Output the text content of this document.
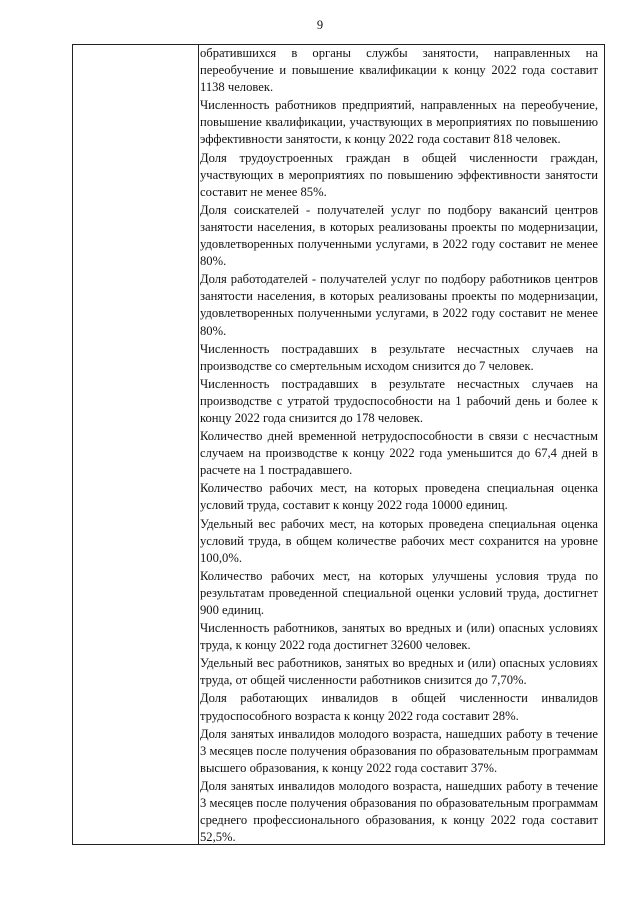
9

обратившихся в органы службы занятости, направленных на переобучение и повышение квалификации к концу 2022 года составит 1138 человек.

Численность работников предприятий, направленных на переобучение, повышение квалификации, участвующих в мероприятиях по повышению эффективности занятости, к концу 2022 года составит 818 человек.

Доля трудоустроенных граждан в общей численности граждан, участвующих в мероприятиях по повышению эффективности занятости составит не менее 85%.

Доля соискателей - получателей услуг по подбору вакансий центров занятости населения, в которых реализованы проекты по модернизации, удовлетворенных полученными услугами, в 2022 году составит не менее 80%.

Доля работодателей - получателей услуг по подбору работников центров занятости населения, в которых реализованы проекты по модернизации, удовлетворенных полученными услугами, в 2022 году составит не менее 80%.

Численность пострадавших в результате несчастных случаев на производстве со смертельным исходом снизится до 7 человек.

Численность пострадавших в результате несчастных случаев на производстве с утратой трудоспособности на 1 рабочий день и более к концу 2022 года снизится до 178 человек.

Количество дней временной нетрудоспособности в связи с несчастным случаем на производстве к концу 2022 года уменьшится до 67,4 дней в расчете на 1 пострадавшего.

Количество рабочих мест, на которых проведена специальная оценка условий труда, составит к концу 2022 года 10000 единиц.

Удельный вес рабочих мест, на которых проведена специальная оценка условий труда, в общем количестве рабочих мест сохранится на уровне 100,0%.

Количество рабочих мест, на которых улучшены условия труда по результатам проведенной специальной оценки условий труда, достигнет 900 единиц.

Численность работников, занятых во вредных и (или) опасных условиях труда, к концу 2022 года достигнет 32600 человек.

Удельный вес работников, занятых во вредных и (или) опасных условиях труда, от общей численности работников снизится до 7,70%.

Доля работающих инвалидов в общей численности инвалидов трудоспособного возраста к концу 2022 года составит 28%.

Доля занятых инвалидов молодого возраста, нашедших работу в течение 3 месяцев после получения образования по образовательным программам высшего образования, к концу 2022 года составит 37%.

Доля занятых инвалидов молодого возраста, нашедших работу в течение 3 месяцев после получения образования по образовательным программам среднего профессионального образования, к концу 2022 года составит 52,5%.
